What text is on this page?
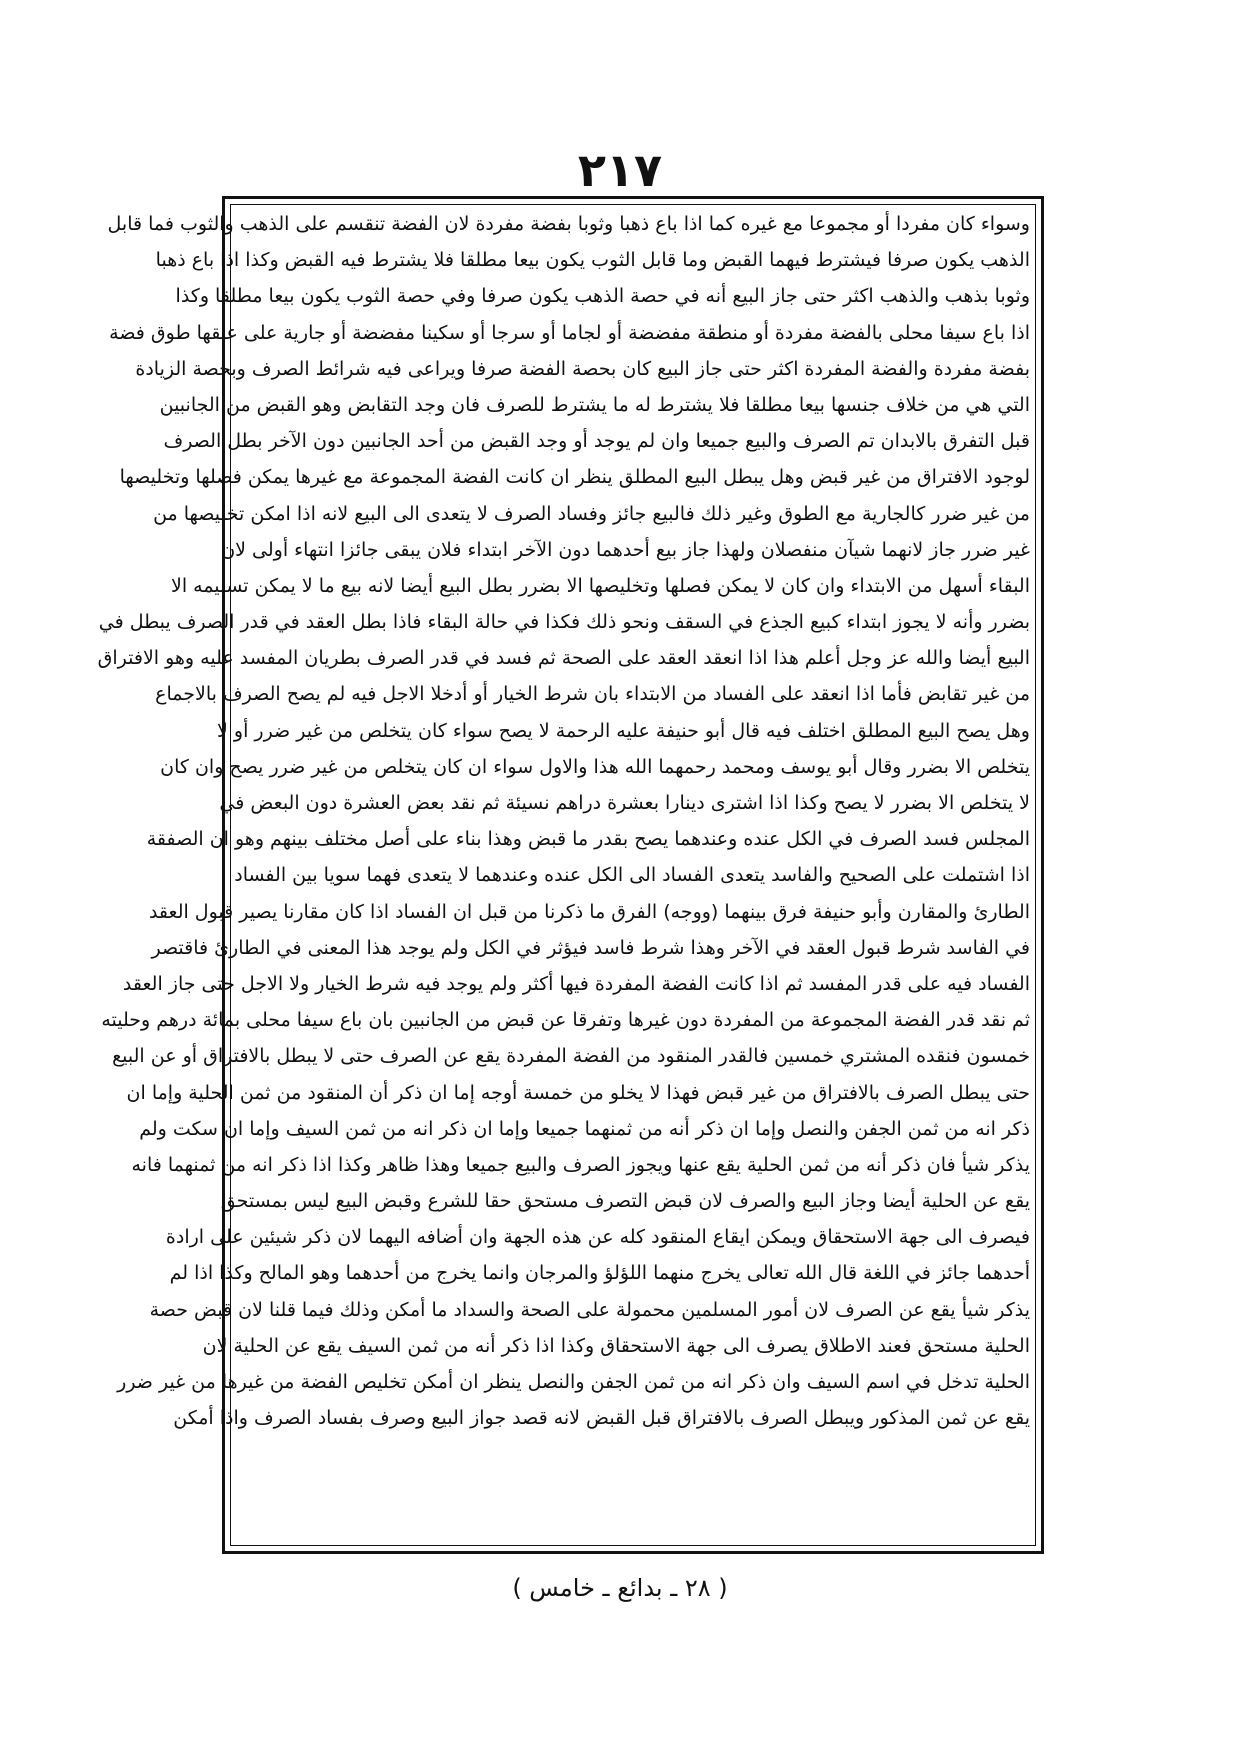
٢١٧
وسواء كان مفردا أو مجموعا مع غيره كما اذا باع ذهبا وثوبا بفضة مفردة لان الفضة تنقسم على الذهب والثوب فما قابل
الذهب يكون صرفا فيشترط فيهما القبض وما قابل الثوب يكون بيعا مطلقا فلا يشترط فيه القبض وكذا اذا باع ذهبا
وثوبا بذهب والذهب اكثر حتى جاز البيع أنه في حصة الذهب يكون صرفا وفي حصة الثوب يكون بيعا مطلقا وكذا
اذا باع سيفا محلى بالفضة مفردة أو منطقة مفضضة أو لجاما أو سرجا أو سكينا مفضضة أو جارية على عنقها طوق فضة
بفضة مفردة والفضة المفردة اكثر حتى جاز البيع كان بحصة الفضة صرفا ويراعى فيه شرائط الصرف وبحصة الزيادة
التي هي من خلاف جنسها بيعا مطلقا فلا يشترط له ما يشترط للصرف فان وجد التقابض وهو القبض من الجانبين
قبل التفرق بالابدان تم الصرف والبيع جميعا وان لم يوجد أو وجد القبض من أحد الجانبين دون الآخر بطل الصرف
لوجود الافتراق من غير قبض وهل يبطل البيع المطلق ينظر ان كانت الفضة المجموعة مع غيرها يمكن فصلها وتخليصها
من غير ضرر كالجارية مع الطوق وغير ذلك فالبيع جائز وفساد الصرف لا يتعدى الى البيع لانه اذا امكن تخليصها من
غير ضرر جاز لانهما شيآن منفصلان ولهذا جاز بيع أحدهما دون الآخر ابتداء فلان يبقى جائزا انتهاء أولى لان
البقاء أسهل من الابتداء وان كان لا يمكن فصلها وتخليصها الا بضرر بطل البيع أيضا لانه بيع ما لا يمكن تسليمه الا
بضرر وأنه لا يجوز ابتداء كبيع الجذع في السقف ونحو ذلك فكذا في حالة البقاء فاذا بطل العقد في قدر الصرف يبطل في
البيع أيضا والله عز وجل أعلم هذا اذا انعقد العقد على الصحة ثم فسد في قدر الصرف بطريان المفسد عليه وهو الافتراق
من غير تقابض فأما اذا انعقد على الفساد من الابتداء بان شرط الخيار أو أدخلا الاجل فيه لم يصح الصرف بالاجماع
وهل يصح البيع المطلق اختلف فيه قال أبو حنيفة عليه الرحمة لا يصح سواء كان يتخلص من غير ضرر أو لا
يتخلص الا بضرر وقال أبو يوسف ومحمد رحمهما الله هذا والاول سواء ان كان يتخلص من غير ضرر يصح وان كان
لا يتخلص الا بضرر لا يصح وكذا اذا اشترى دينارا بعشرة دراهم نسيئة ثم نقد بعض العشرة دون البعض في
المجلس فسد الصرف في الكل عنده وعندهما يصح بقدر ما قبض وهذا بناء على أصل مختلف بينهم وهو ان الصفقة
اذا اشتملت على الصحيح والفاسد يتعدى الفساد الى الكل عنده وعندهما لا يتعدى فهما سويا بين الفساد
الطارئ والمقارن وأبو حنيفة فرق بينهما (ووجه) الفرق ما ذكرنا من قبل ان الفساد اذا كان مقارنا يصير قبول العقد
في الفاسد شرط قبول العقد في الآخر وهذا شرط فاسد فيؤثر في الكل ولم يوجد هذا المعنى في الطارئ فاقتصر
الفساد فيه على قدر المفسد ثم اذا كانت الفضة المفردة فيها أكثر ولم يوجد فيه شرط الخيار ولا الاجل حتى جاز العقد
ثم نقد قدر الفضة المجموعة من المفردة دون غيرها وتفرقا عن قبض من الجانبين بان باع سيفا محلى بمائة درهم وحليته
خمسون فنقده المشتري خمسين فالقدر المنقود من الفضة المفردة يقع عن الصرف حتى لا يبطل بالافتراق أو عن البيع
حتى يبطل الصرف بالافتراق من غير قبض فهذا لا يخلو من خمسة أوجه إما ان ذكر أن المنقود من ثمن الحلية وإما ان
ذكر انه من ثمن الجفن والنصل وإما ان ذكر أنه من ثمنهما جميعا وإما ان ذكر انه من ثمن السيف وإما ان سكت ولم
يذكر شيأ فان ذكر أنه من ثمن الحلية يقع عنها ويجوز الصرف والبيع جميعا وهذا ظاهر وكذا اذا ذكر انه من ثمنهما فانه
يقع عن الحلية أيضا وجاز البيع والصرف لان قبض التصرف مستحق حقا للشرع وقبض البيع ليس بمستحق
فيصرف الى جهة الاستحقاق ويمكن ايقاع المنقود كله عن هذه الجهة وان أضافه اليهما لان ذكر شيئين على ارادة
أحدهما جائز في اللغة قال الله تعالى يخرج منهما اللؤلؤ والمرجان وانما يخرج من أحدهما وهو المالح وكذا اذا لم
يذكر شيأ يقع عن الصرف لان أمور المسلمين محمولة على الصحة والسداد ما أمكن وذلك فيما قلنا لان قبض حصة
الحلية مستحق فعند الاطلاق يصرف الى جهة الاستحقاق وكذا اذا ذكر أنه من ثمن السيف يقع عن الحلية لان
الحلية تدخل في اسم السيف وان ذكر انه من ثمن الجفن والنصل ينظر ان أمكن تخليص الفضة من غيرها من غير ضرر
يقع عن ثمن المذكور ويبطل الصرف بالافتراق قبل القبض لانه قصد جواز البيع وصرف بفساد الصرف واذا أمكن
( ٢٨ ـ بدائع ـ خامس )
